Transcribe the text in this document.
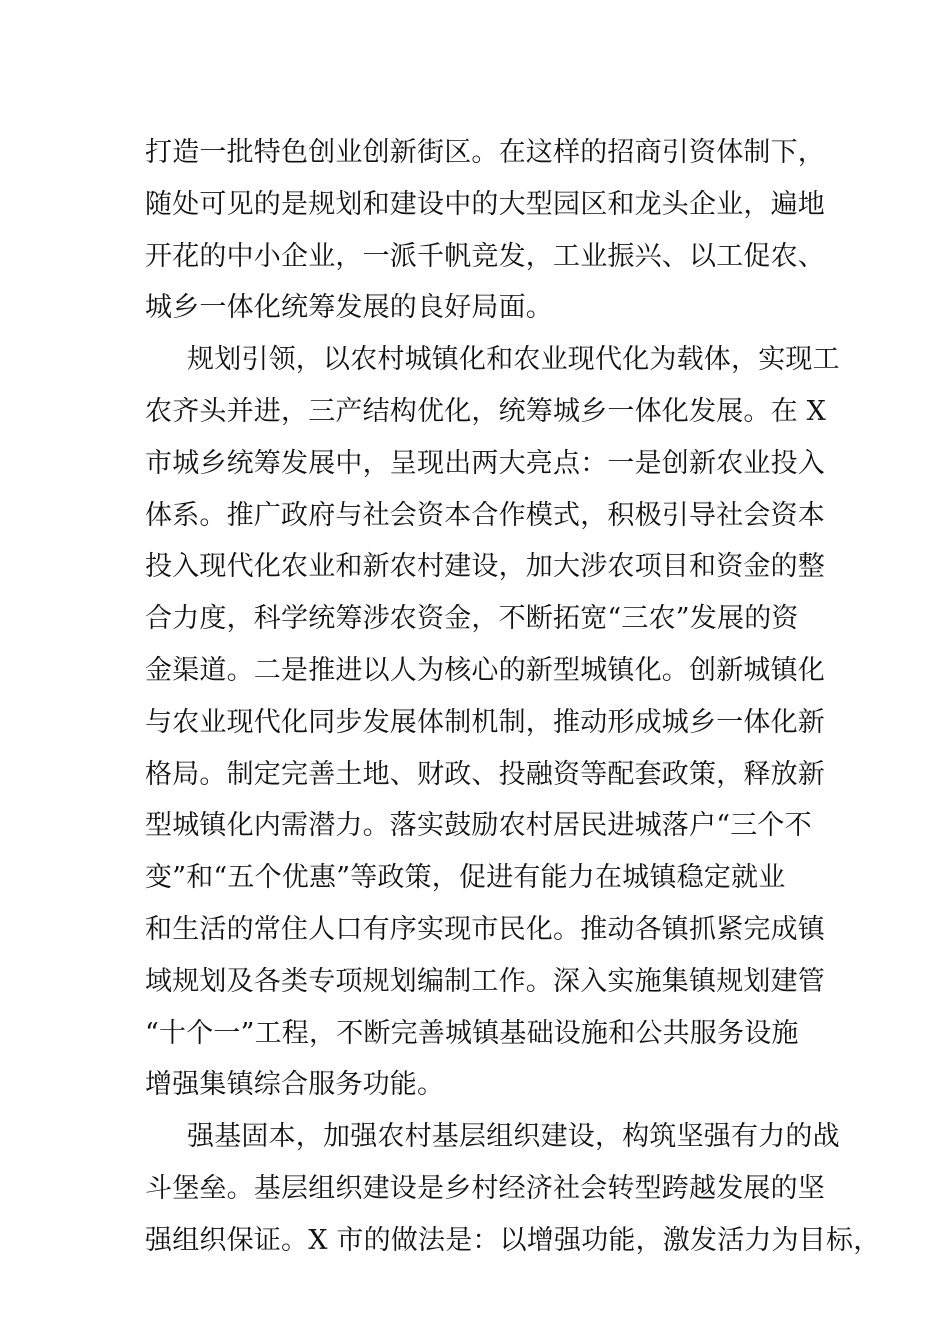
打造一批特色创业创新街区。在这样的招商引资体制下，
随处可见的是规划和建设中的大型园区和龙头企业，遍地
开花的中小企业，一派千帆竞发，工业振兴、以工促农、
城乡一体化统筹发展的良好局面。
规划引领，以农村城镇化和农业现代化为载体，实现工
农齐头并进，三产结构优化，统筹城乡一体化发展。在 X
市城乡统筹发展中，呈现出两大亮点：一是创新农业投入
体系。推广政府与社会资本合作模式，积极引导社会资本
投入现代化农业和新农村建设，加大涉农项目和资金的整
合力度，科学统筹涉农资金，不断拓宽“三农”发展的资
金渠道。二是推进以人为核心的新型城镇化。创新城镇化
与农业现代化同步发展体制机制，推动形成城乡一体化新
格局。制定完善土地、财政、投融资等配套政策，释放新
型城镇化内需潜力。落实鼓励农村居民进城落户“三个不
变”和“五个优惠”等政策，促进有能力在城镇稳定就业
和生活的常住人口有序实现市民化。推动各镇抓紧完成镇
域规划及各类专项规划编制工作。深入实施集镇规划建管
“十个一”工程，不断完善城镇基础设施和公共服务设施
增强集镇综合服务功能。
强基固本，加强农村基层组织建设，构筑坚强有力的战
斗堡垒。基层组织建设是乡村经济社会转型跨越发展的坚
强组织保证。X 市的做法是：以增强功能，激发活力为目标，
